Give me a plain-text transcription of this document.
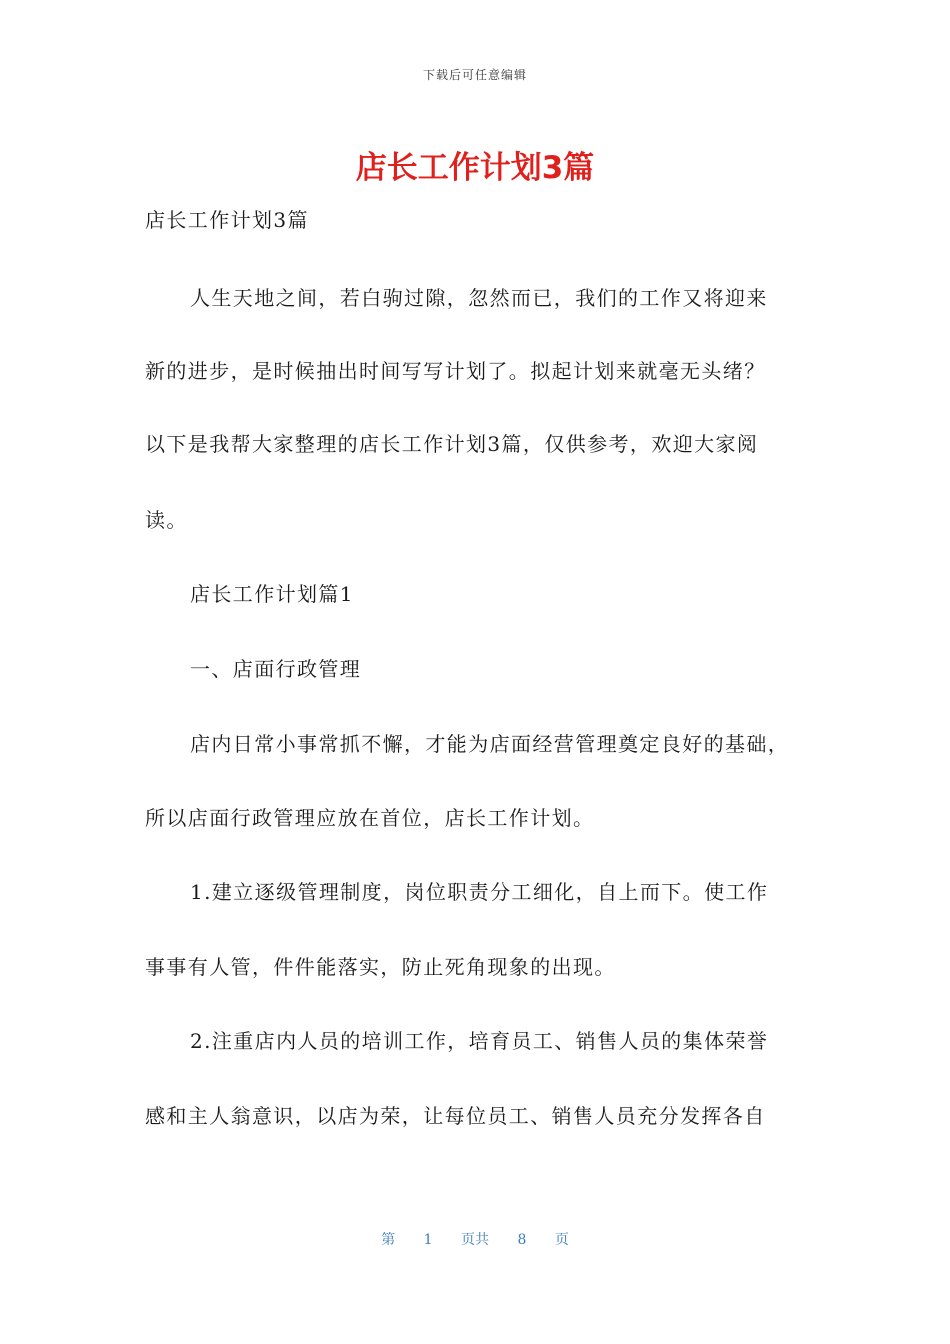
下载后可任意编辑
店长工作计划3篇
店长工作计划3篇
人生天地之间，若白驹过隙，忽然而已，我们的工作又将迎来
新的进步，是时候抽出时间写写计划了。拟起计划来就毫无头绪？
以下是我帮大家整理的店长工作计划3篇，仅供参考，欢迎大家阅
读。
店长工作计划篇1
一、店面行政管理
店内日常小事常抓不懈，才能为店面经营管理奠定良好的基础，
所以店面行政管理应放在首位，店长工作计划。
1.建立逐级管理制度，岗位职责分工细化，自上而下。使工作
事事有人管，件件能落实，防止死角现象的出现。
2.注重店内人员的培训工作，培育员工、销售人员的集体荣誉
感和主人翁意识，以店为荣，让每位员工、销售人员充分发挥各自
第 1 页共 8 页
